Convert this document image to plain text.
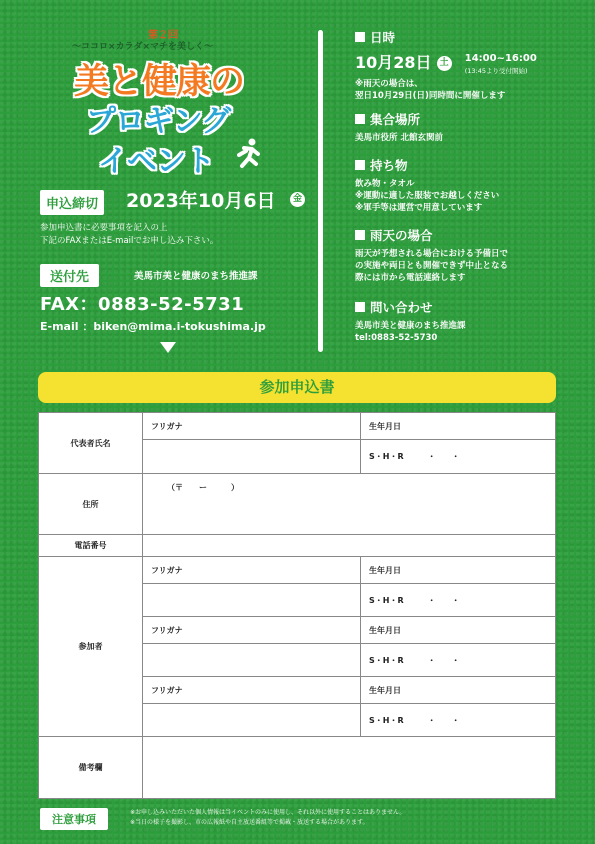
第２回
〜ココロ×カラダ×マチを美しく〜
美と健康の
プロギング
イベント
申込締切	2023年10月6日	金
参加申込書に必要事項を記入の上
下記のFAXまたはE-mailでお申し込み下さい。
送付先	美馬市美と健康のまち推進課
FAX：0883-52-5731
E-mail ：biken@mima.i-tokushima.jp
日時
10月28日 土 14:00~16:00
(13:45より受付開始)
※雨天の場合は、
翌日10月29日(日)同時間に開催します
集合場所
美馬市役所 北館玄関前
持ち物
飲み物・タオル
※運動に適した服装でお越しください
※軍手等は運営で用意しています
雨天の場合
雨天が予想される場合における予備日で
の実施や両日とも開催できず中止となる
際には市から電話連絡します
問い合わせ
美馬市美と健康のまち推進課
tel:0883-52-5730
参加申込書
代表者氏名	フリガナ	生年月日
		S・H・R　　　・　　・
住所	（〒　　ー　　　）	
電話番号		
参加者	フリガナ	生年月日
		S・H・R　　　・　　・
	フリガナ	生年月日
		S・H・R　　　・　　・
	フリガナ	生年月日
		S・H・R　　　・　　・
備考欄		
注意事項
※お申し込みいただいた個人情報は当イベントのみに使用し、それ以外に使用することはありません。
※当日の様子を撮影し、市の広報紙や自主放送番組等で掲載・放送する場合があります。
